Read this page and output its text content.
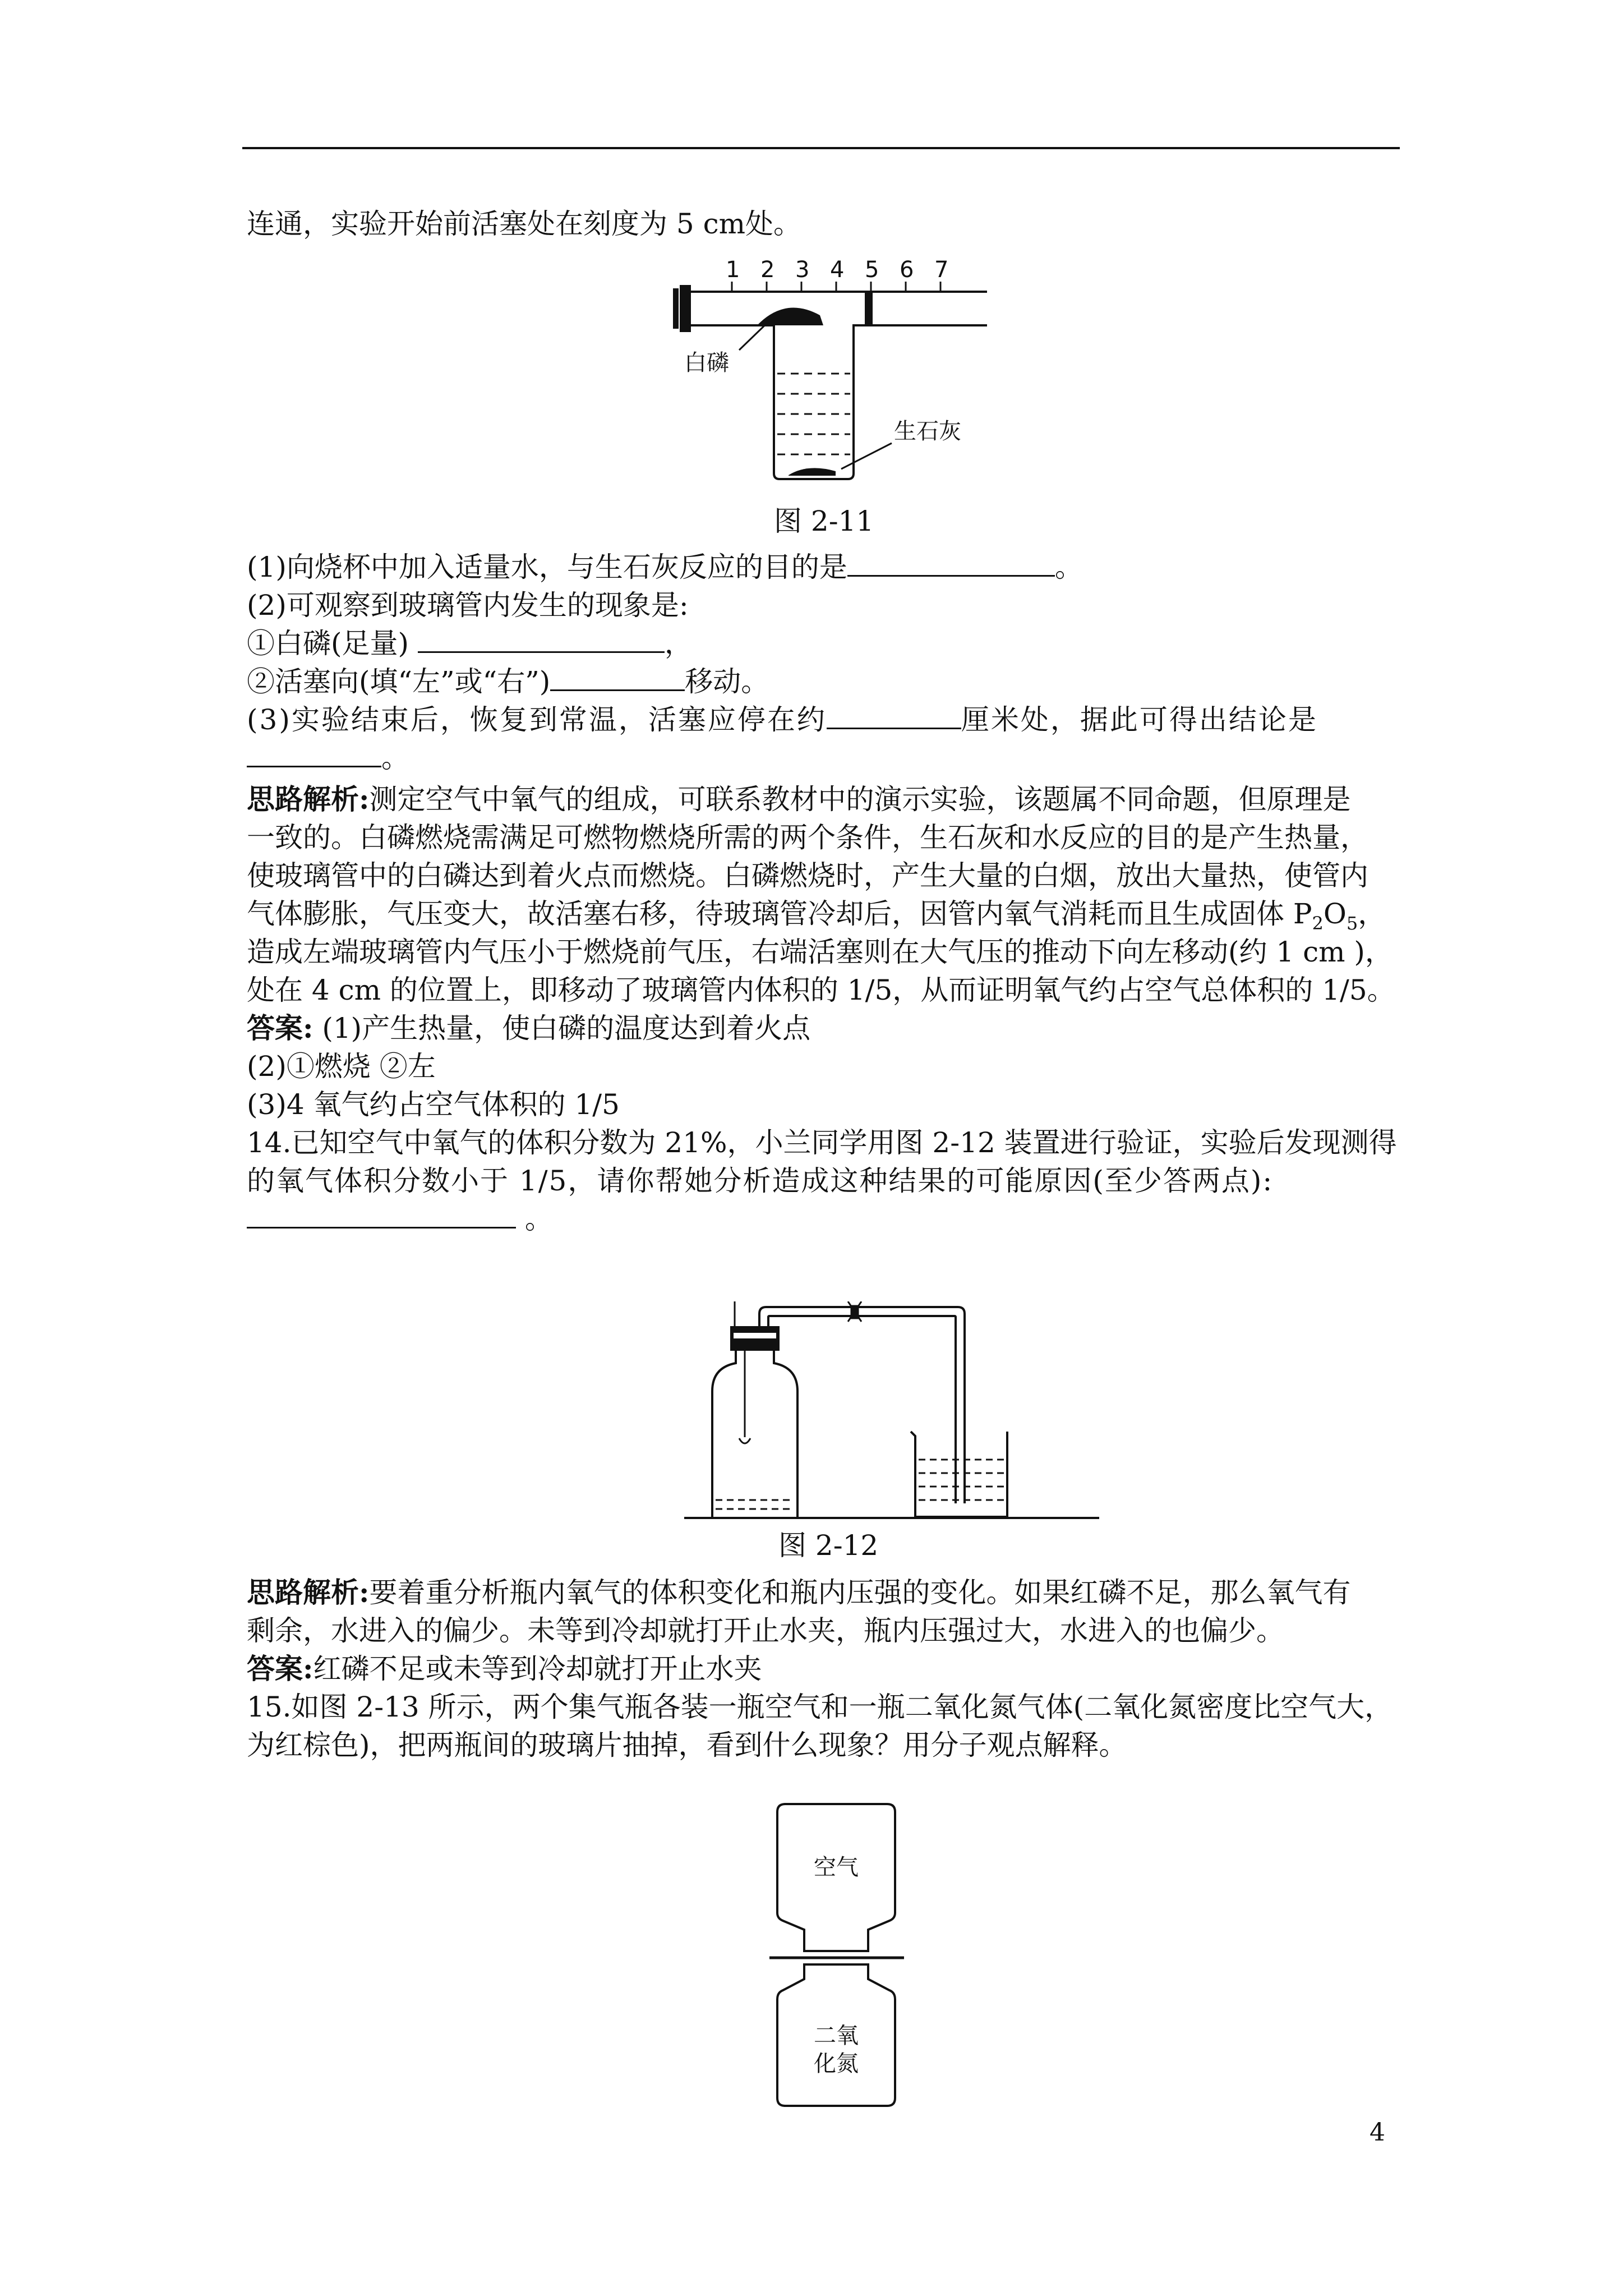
连通，实验开始前活塞处在刻度为 5 cm处。
1 2 3 4 5 6 7
白磷
生石灰
图 2-11
(1)向烧杯中加入适量水，与生石灰反应的目的是	。
(2)可观察到玻璃管内发生的现象是:
①白磷(足量)	，
②活塞向(填“左”或“右”)	移动。
(3)实验结束后，恢复到常温，活塞应停在约	厘米处，据此可得出结论是
。
思路解析:测定空气中氧气的组成，可联系教材中的演示实验，该题属不同命题，但原理是
一致的。白磷燃烧需满足可燃物燃烧所需的两个条件，生石灰和水反应的目的是产生热量，
使玻璃管中的白磷达到着火点而燃烧。白磷燃烧时，产生大量的白烟，放出大量热，使管内
气体膨胀，气压变大，故活塞右移，待玻璃管冷却后，因管内氧气消耗而且生成固体 $P_2O_5$，
造成左端玻璃管内气压小于燃烧前气压，右端活塞则在大气压的推动下向左移动(约 1 cm )，
处在 4 cm 的位置上，即移动了玻璃管内体积的 1/5，从而证明氧气约占空气总体积的 1/5。
答案: (1)产生热量，使白磷的温度达到着火点
(2)①燃烧 ②左
(3)4 氧气约占空气体积的 1/5
14.已知空气中氧气的体积分数为 21%，小兰同学用图 2-12 装置进行验证，实验后发现测得
的氧气体积分数小于 1/5，请你帮她分析造成这种结果的可能原因(至少答两点):
。
图 2-12
思路解析:要着重分析瓶内氧气的体积变化和瓶内压强的变化。如果红磷不足，那么氧气有
剩余，水进入的偏少。未等到冷却就打开止水夹，瓶内压强过大，水进入的也偏少。
答案:红磷不足或未等到冷却就打开止水夹
15.如图 2-13 所示，两个集气瓶各装一瓶空气和一瓶二氧化氮气体(二氧化氮密度比空气大，
为红棕色)，把两瓶间的玻璃片抽掉，看到什么现象？用分子观点解释。
空气
二氧
化氮
4
